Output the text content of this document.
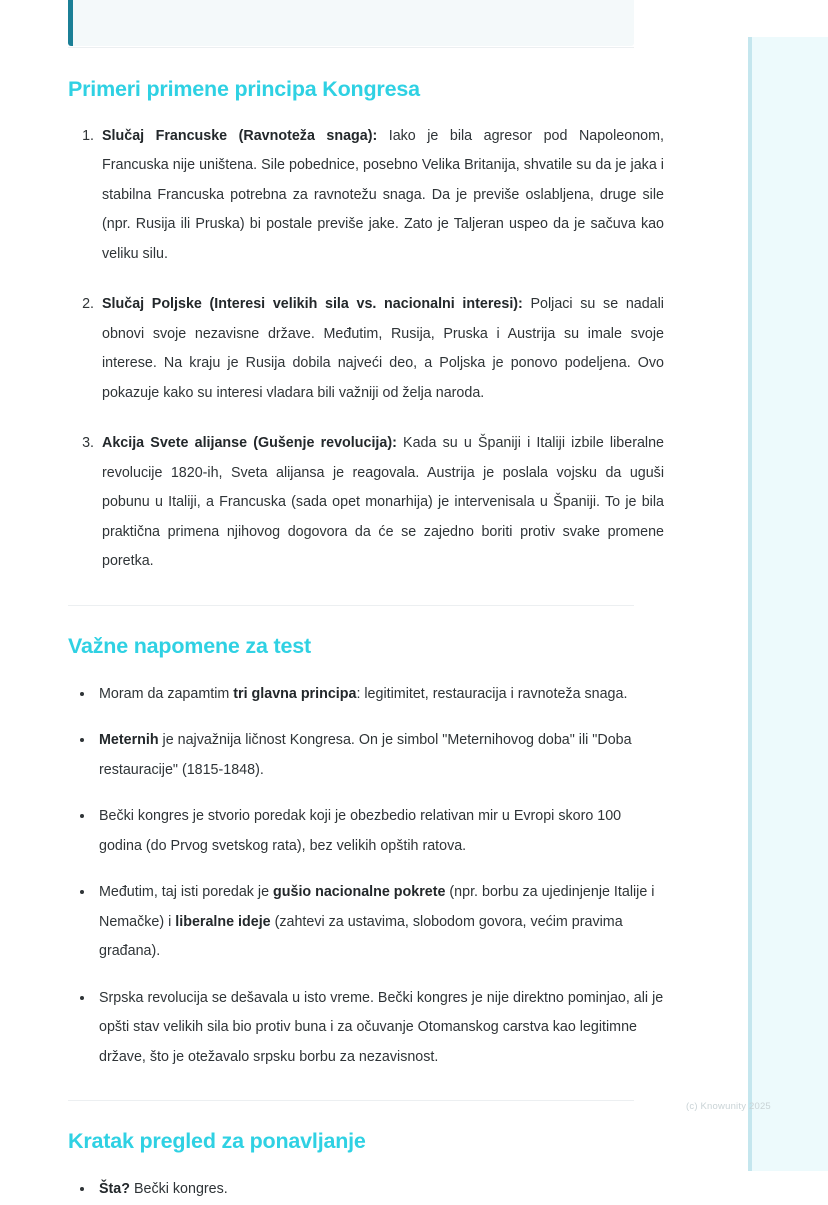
Primeri primene principa Kongresa
1. Slučaj Francuske (Ravnoteža snaga): Iako je bila agresor pod Napoleonom, Francuska nije uništena. Sile pobednice, posebno Velika Britanija, shvatile su da je jaka i stabilna Francuska potrebna za ravnotežu snaga. Da je previše oslabljena, druge sile (npr. Rusija ili Pruska) bi postale previše jake. Zato je Taljeran uspeo da je sačuva kao veliku silu.
2. Slučaj Poljske (Interesi velikih sila vs. nacionalni interesi): Poljaci su se nadali obnovi svoje nezavisne države. Međutim, Rusija, Pruska i Austrija su imale svoje interese. Na kraju je Rusija dobila najveći deo, a Poljska je ponovo podeljena. Ovo pokazuje kako su interesi vladara bili važniji od želja naroda.
3. Akcija Svete alijanse (Gušenje revolucija): Kada su u Španiji i Italiji izbile liberalne revolucije 1820-ih, Sveta alijansa je reagovala. Austrija je poslala vojsku da uguši pobunu u Italiji, a Francuska (sada opet monarhija) je intervenisala u Španiji. To je bila praktična primena njihovog dogovora da će se zajedno boriti protiv svake promene poretka.
Važne napomene za test
• Moram da zapamtim tri glavna principa: legitimitet, restauracija i ravnoteža snaga.
• Meternih je najvažnija ličnost Kongresa. On je simbol "Meternihovog doba" ili "Doba restauracije" (1815-1848).
• Bečki kongres je stvorio poredak koji je obezbedio relativan mir u Evropi skoro 100 godina (do Prvog svetskog rata), bez velikih opštih ratova.
• Međutim, taj isti poredak je gušio nacionalne pokrete (npr. borbu za ujedinjenje Italije i Nemačke) i liberalne ideje (zahtevi za ustavima, slobodom govora, većim pravima građana).
• Srpska revolucija se dešavala u isto vreme. Bečki kongres je nije direktno pominjao, ali je opšti stav velikih sila bio protiv buna i za očuvanje Otomanskog carstva kao legitimne države, što je otežavalo srpsku borbu za nezavisnost.
Kratak pregled za ponavljanje
• Šta? Bečki kongres.
(c) Knowunity 2025
